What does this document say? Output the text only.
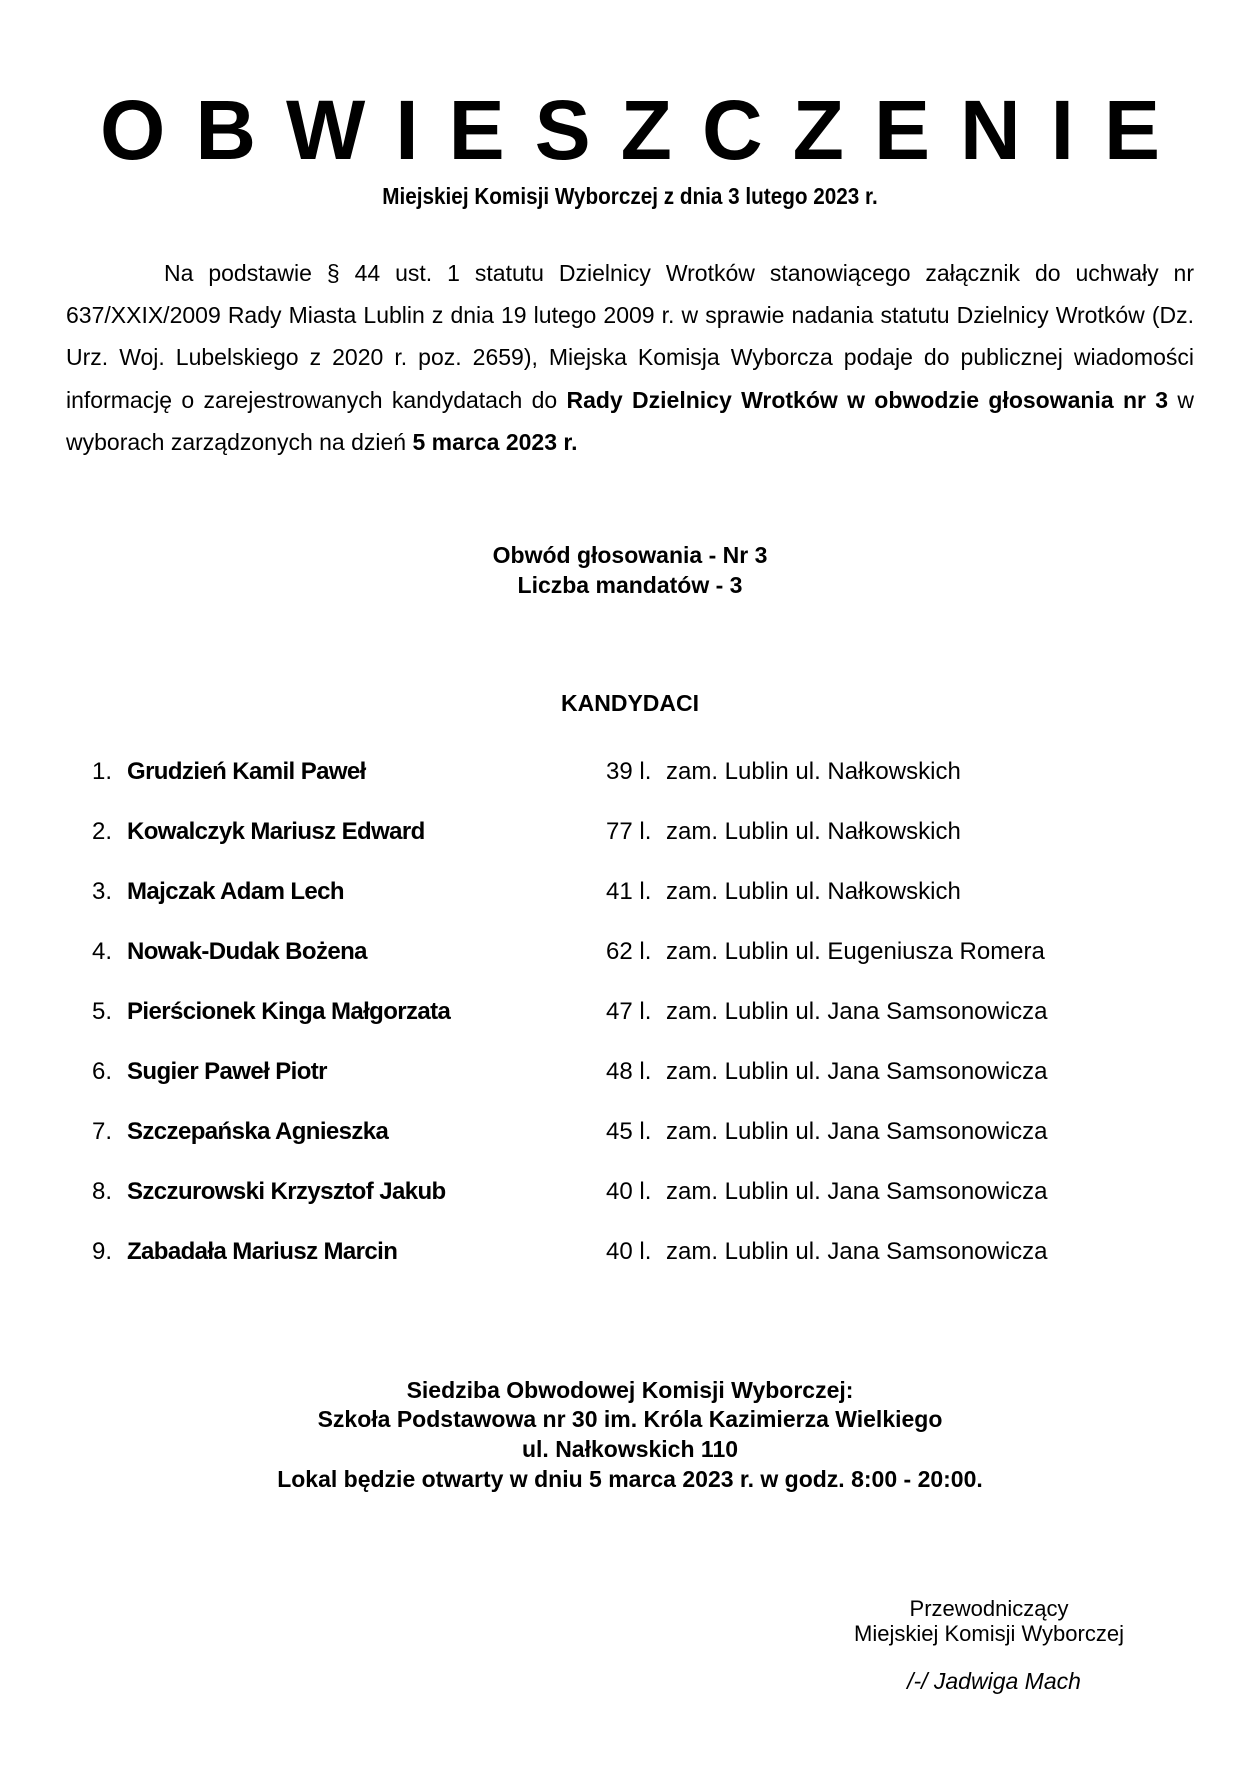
OBWIESZCZENIE
Miejskiej Komisji Wyborczej z dnia 3 lutego 2023 r.
Na podstawie § 44 ust. 1 statutu Dzielnicy Wrotków stanowiącego załącznik do uchwały nr 637/XXIX/2009 Rady Miasta Lublin z dnia 19 lutego 2009 r. w sprawie nadania statutu Dzielnicy Wrotków (Dz. Urz. Woj. Lubelskiego z 2020 r. poz. 2659), Miejska Komisja Wyborcza podaje do publicznej wiadomości informację o zarejestrowanych kandydatach do Rady Dzielnicy Wrotków w obwodzie głosowania nr 3 w wyborach zarządzonych na dzień 5 marca 2023 r.
Obwód głosowania - Nr 3
Liczba mandatów - 3
KANDYDACI
1. Grudzień Kamil Paweł	39 l. zam. Lublin ul. Nałkowskich
2. Kowalczyk Mariusz Edward	77 l. zam. Lublin ul. Nałkowskich
3. Majczak Adam Lech	41 l. zam. Lublin ul. Nałkowskich
4. Nowak-Dudak Bożena	62 l. zam. Lublin ul. Eugeniusza Romera
5. Pierścionek Kinga Małgorzata	47 l. zam. Lublin ul. Jana Samsonowicza
6. Sugier Paweł Piotr	48 l. zam. Lublin ul. Jana Samsonowicza
7. Szczepańska Agnieszka	45 l. zam. Lublin ul. Jana Samsonowicza
8. Szczurowski Krzysztof Jakub	40 l. zam. Lublin ul. Jana Samsonowicza
9. Zabadała Mariusz Marcin	40 l. zam. Lublin ul. Jana Samsonowicza
Siedziba Obwodowej Komisji Wyborczej:
Szkoła Podstawowa nr 30 im. Króla Kazimierza Wielkiego
ul. Nałkowskich 110
Lokal będzie otwarty w dniu 5 marca 2023 r. w godz. 8:00 - 20:00.
Przewodniczący
Miejskiej Komisji Wyborczej
/-/ Jadwiga Mach
